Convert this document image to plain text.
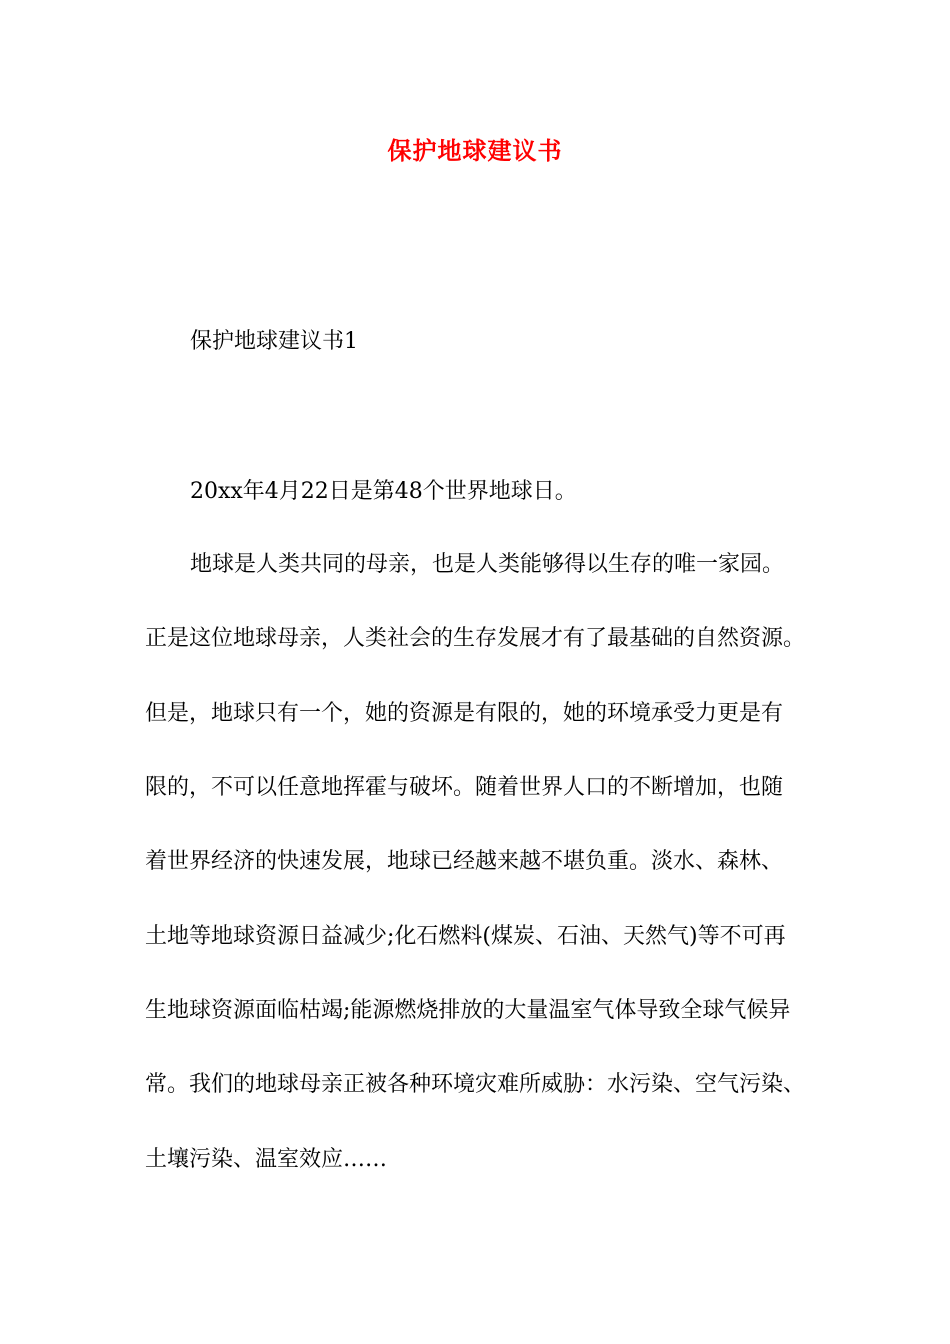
保护地球建议书
保护地球建议书1
20xx年4月22日是第48个世界地球日。
地球是人类共同的母亲，也是人类能够得以生存的唯一家园。
正是这位地球母亲，人类社会的生存发展才有了最基础的自然资源。
但是，地球只有一个，她的资源是有限的，她的环境承受力更是有
限的，不可以任意地挥霍与破坏。随着世界人口的不断增加，也随
着世界经济的快速发展，地球已经越来越不堪负重。淡水、森林、
土地等地球资源日益减少;化石燃料(煤炭、石油、天然气)等不可再
生地球资源面临枯竭;能源燃烧排放的大量温室气体导致全球气候异
常。我们的地球母亲正被各种环境灾难所威胁：水污染、空气污染、
土壤污染、温室效应……
